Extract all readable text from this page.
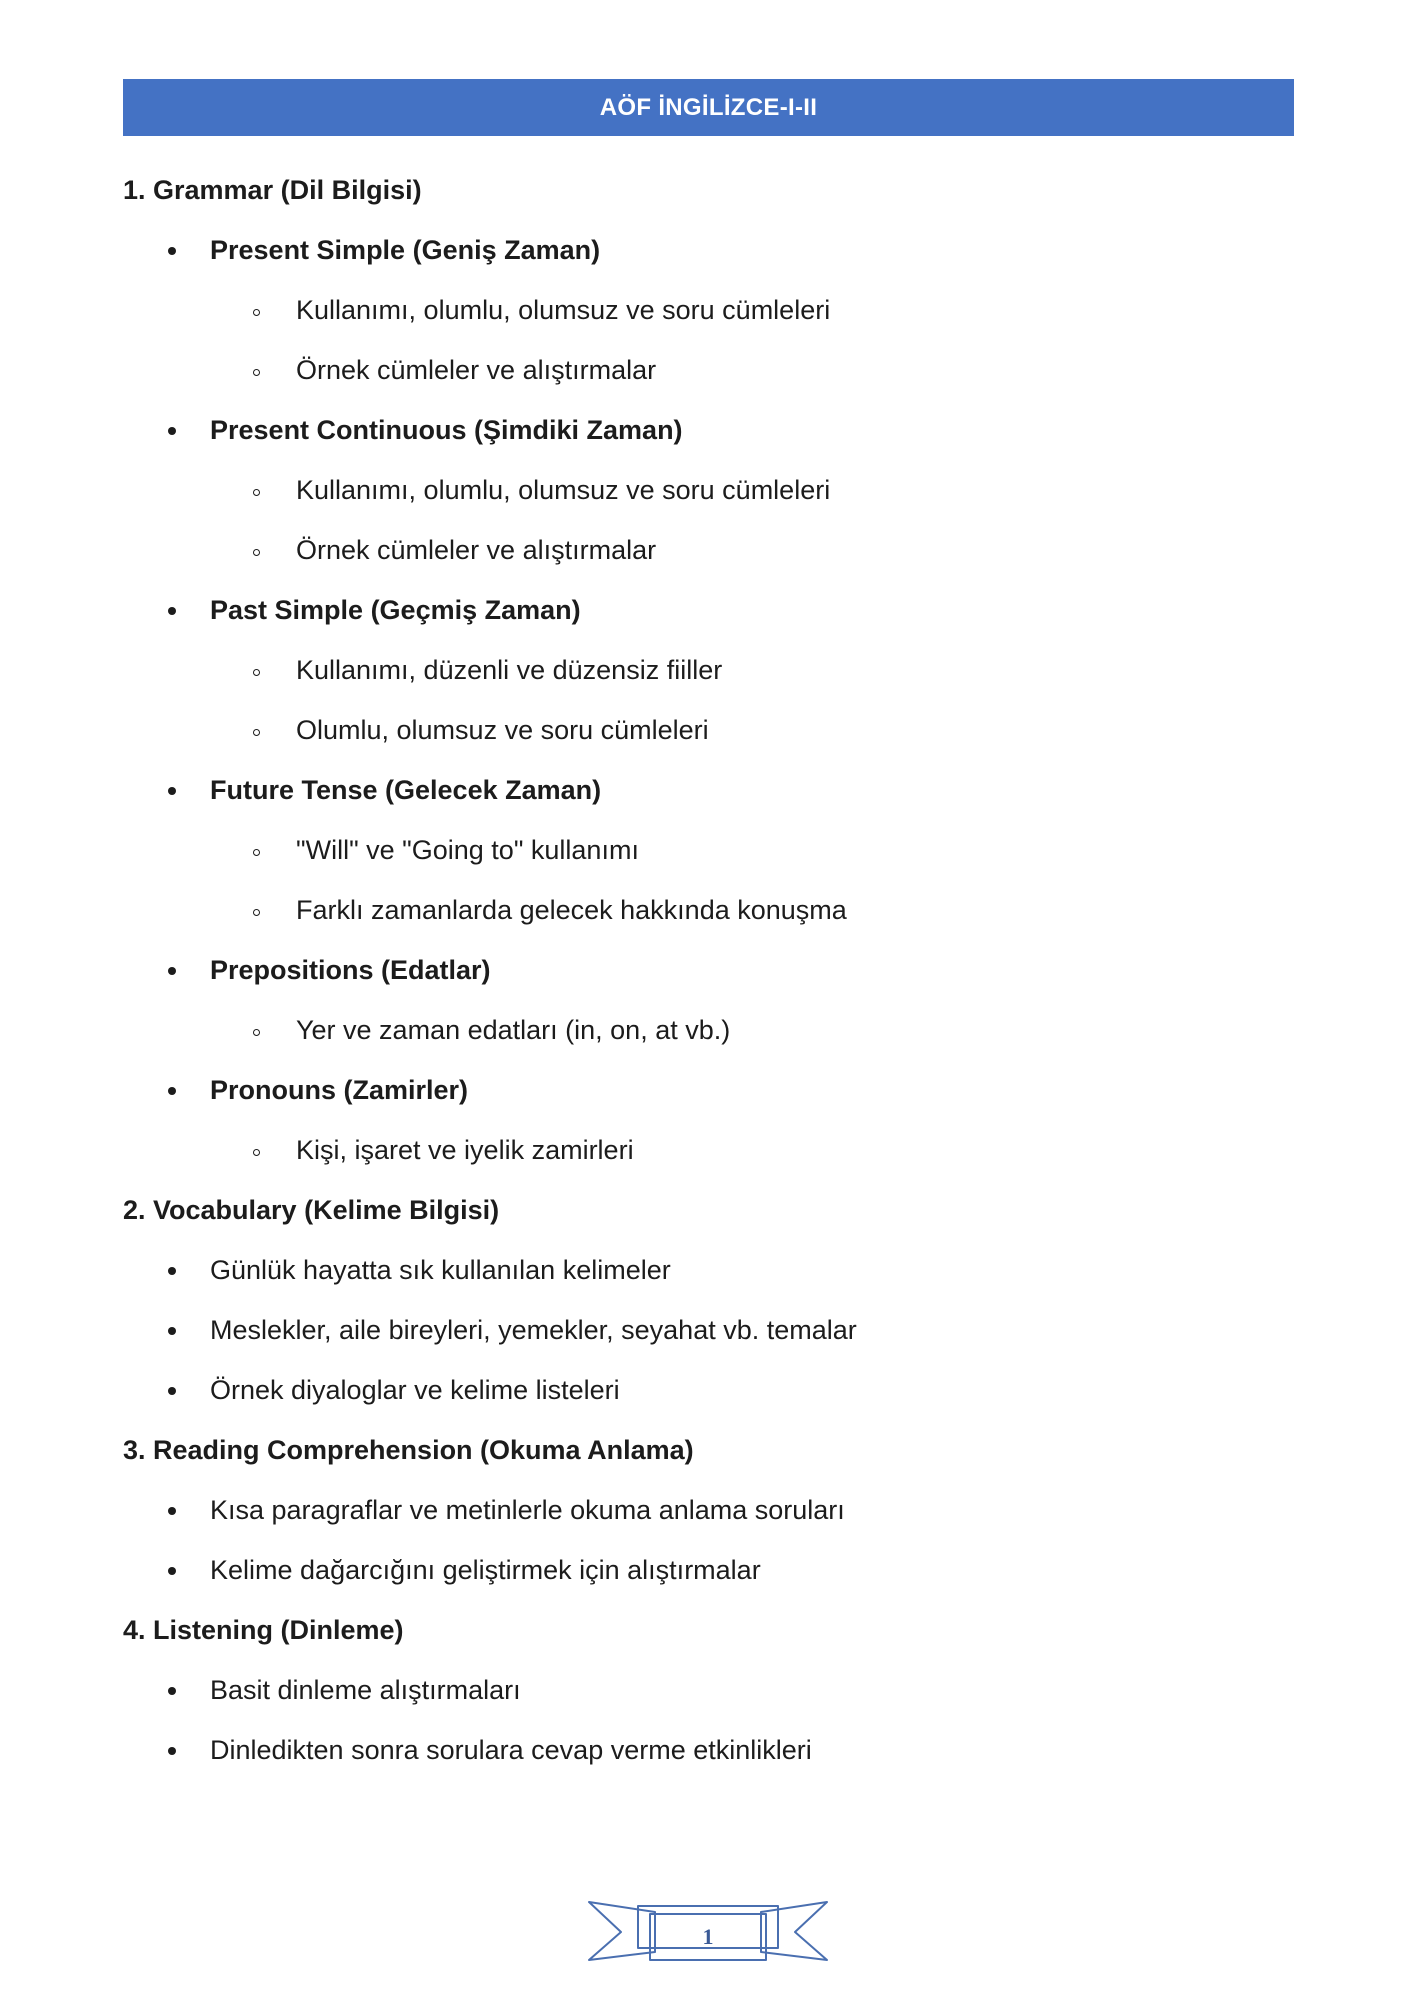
AÖF İNGİLİZCE-I-II
1. Grammar (Dil Bilgisi)
Present Simple (Geniş Zaman)
Kullanımı, olumlu, olumsuz ve soru cümleleri
Örnek cümleler ve alıştırmalar
Present Continuous (Şimdiki Zaman)
Kullanımı, olumlu, olumsuz ve soru cümleleri
Örnek cümleler ve alıştırmalar
Past Simple (Geçmiş Zaman)
Kullanımı, düzenli ve düzensiz fiiller
Olumlu, olumsuz ve soru cümleleri
Future Tense (Gelecek Zaman)
"Will" ve "Going to" kullanımı
Farklı zamanlarda gelecek hakkında konuşma
Prepositions (Edatlar)
Yer ve zaman edatları (in, on, at vb.)
Pronouns (Zamirler)
Kişi, işaret ve iyelik zamirleri
2. Vocabulary (Kelime Bilgisi)
Günlük hayatta sık kullanılan kelimeler
Meslekler, aile bireyleri, yemekler, seyahat vb. temalar
Örnek diyaloglar ve kelime listeleri
3. Reading Comprehension (Okuma Anlama)
Kısa paragraflar ve metinlerle okuma anlama soruları
Kelime dağarcığını geliştirmek için alıştırmalar
4. Listening (Dinleme)
Basit dinleme alıştırmaları
Dinledikten sonra sorulara cevap verme etkinlikleri
1
